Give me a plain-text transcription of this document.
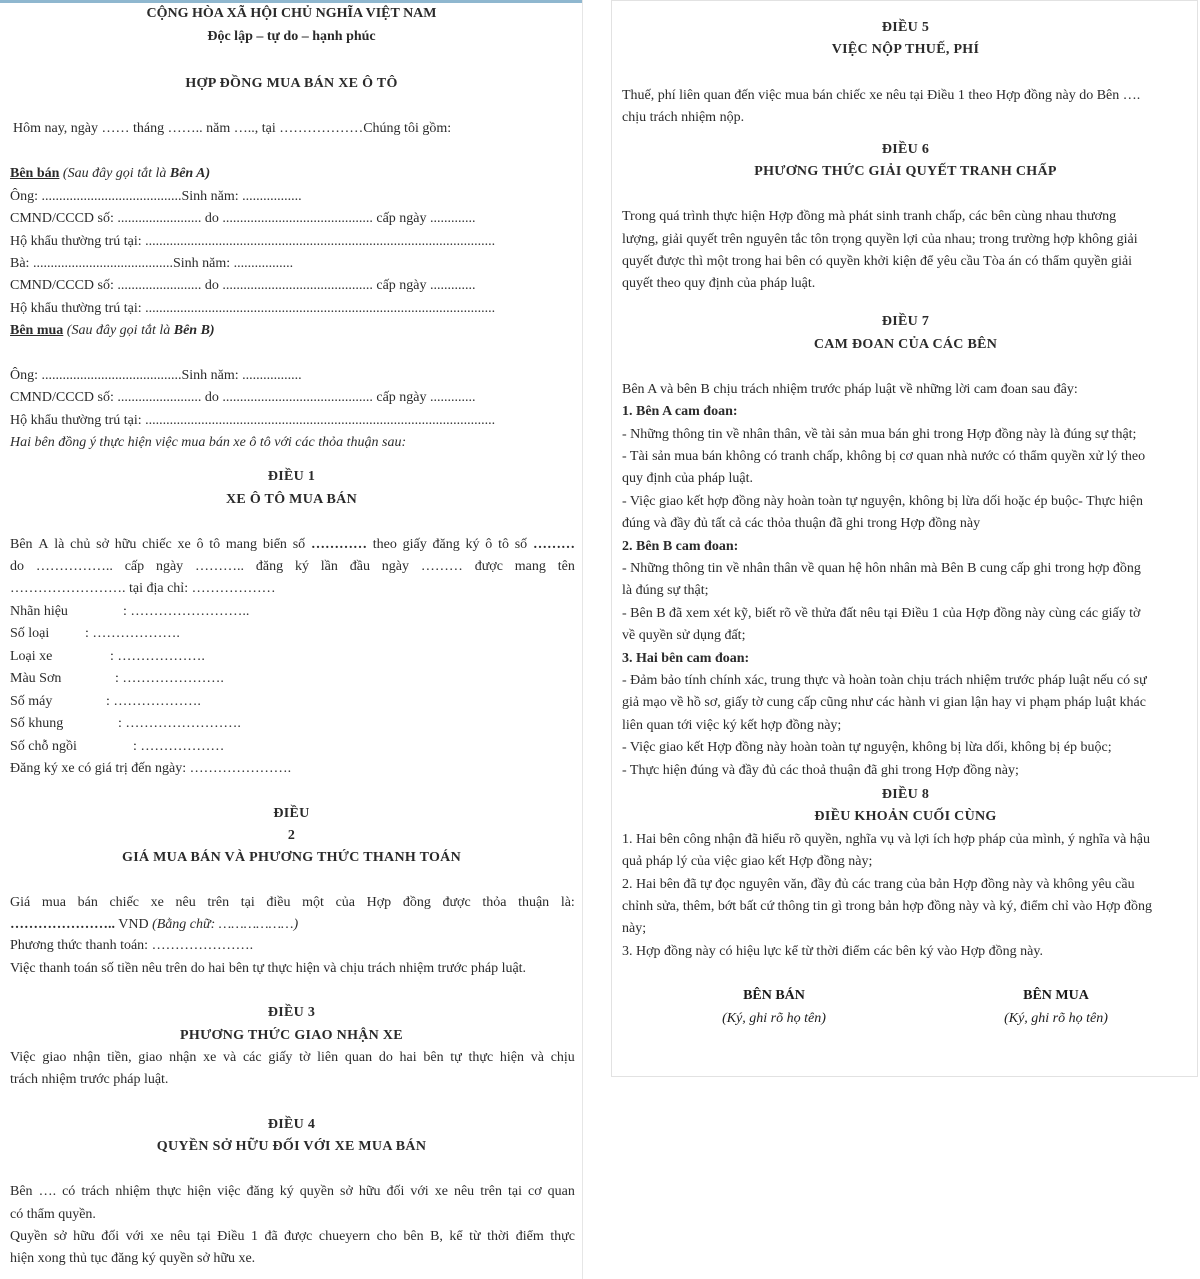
CỘNG HÒA XÃ HỘI CHỦ NGHĨA VIỆT NAM
Độc lập – tự do – hạnh phúc
HỢP ĐỒNG MUA BÁN XE Ô TÔ
Hôm nay, ngày …… tháng …….. năm ….., tại ………………Chúng tôi gồm:
Bên bán (Sau đây gọi tắt là Bên A)
Ông: ........................................Sinh năm: .................
CMND/CCCD số: ........................ do ........................................... cấp ngày .............
Hộ khẩu thường trú tại: ....................................................................................................
Bà: ........................................Sinh năm: .................
CMND/CCCD số: ........................ do ........................................... cấp ngày .............
Hộ khẩu thường trú tại: ....................................................................................................
Bên mua (Sau đây gọi tắt là Bên B)
Ông: ........................................Sinh năm: .................
CMND/CCCD số: ........................ do ........................................... cấp ngày .............
Hộ khẩu thường trú tại: ....................................................................................................
Hai bên đồng ý thực hiện việc mua bán xe ô tô với các thỏa thuận sau:
ĐIỀU 1
XE Ô TÔ MUA BÁN
Bên A là chủ sở hữu chiếc xe ô tô mang biển số ………… theo giấy đăng ký ô tô số ………
do …………….. cấp ngày ……….. đăng ký lần đầu ngày ……… được mang tên
……………………. tại địa chỉ: ………………
Nhãn hiệu	: ……………………..
Số loại	: ……………….
Loại xe	: ……………….
Màu Sơn	: ………………….
Số máy	: ……………….
Số khung	: …………………….
Số chỗ ngồi	: ………………
Đăng ký xe có giá trị đến ngày: ………………….
ĐIỀU
2
GIÁ MUA BÁN VÀ PHƯƠNG THỨC THANH TOÁN
Giá mua bán chiếc xe nêu trên tại điều một của Hợp đồng được thỏa thuận là:
………………….. VND (Bằng chữ: ………………)
Phương thức thanh toán: ………………….
Việc thanh toán số tiền nêu trên do hai bên tự thực hiện và chịu trách nhiệm trước pháp luật.
ĐIỀU 3
PHƯƠNG THỨC GIAO NHẬN XE
Việc giao nhận tiền, giao nhận xe và các giấy tờ liên quan do hai bên tự thực hiện và chịu
trách nhiệm trước pháp luật.
ĐIỀU 4
QUYỀN SỞ HỮU ĐỐI VỚI XE MUA BÁN
Bên …. có trách nhiệm thực hiện việc đăng ký quyền sở hữu đối với xe nêu trên tại cơ quan
có thẩm quyền.
Quyền sở hữu đối với xe nêu tại Điều 1 đã được chueyern cho bên B, kể từ thời điểm thực
hiện xong thủ tục đăng ký quyền sở hữu xe.
ĐIỀU 5
VIỆC NỘP THUẾ, PHÍ
Thuế, phí liên quan đến việc mua bán chiếc xe nêu tại Điều 1 theo Hợp đồng này do Bên ….
chịu trách nhiệm nộp.
ĐIỀU 6
PHƯƠNG THỨC GIẢI QUYẾT TRANH CHẤP
Trong quá trình thực hiện Hợp đồng mà phát sinh tranh chấp, các bên cùng nhau thương
lượng, giải quyết trên nguyên tắc tôn trọng quyền lợi của nhau; trong trường hợp không giải
quyết được thì một trong hai bên có quyền khởi kiện để yêu cầu Tòa án có thẩm quyền giải
quyết theo quy định của pháp luật.
ĐIỀU 7
CAM ĐOAN CỦA CÁC BÊN
Bên A và bên B chịu trách nhiệm trước pháp luật về những lời cam đoan sau đây:
1. Bên A cam đoan:
- Những thông tin về nhân thân, về tài sản mua bán ghi trong Hợp đồng này là đúng sự thật;
- Tài sản mua bán không có tranh chấp, không bị cơ quan nhà nước có thẩm quyền xử lý theo
quy định của pháp luật.
- Việc giao kết hợp đồng này hoàn toàn tự nguyện, không bị lừa dối hoặc ép buộc- Thực hiện
đúng và đầy đủ tất cả các thỏa thuận đã ghi trong Hợp đồng này
2. Bên B cam đoan:
- Những thông tin về nhân thân về quan hệ hôn nhân mà Bên B cung cấp ghi trong hợp đồng
là đúng sự thật;
- Bên B đã xem xét kỹ, biết rõ về thửa đất nêu tại Điều 1 của Hợp đồng này cùng các giấy tờ
về quyền sử dụng đất;
3. Hai bên cam đoan:
- Đảm bảo tính chính xác, trung thực và hoàn toàn chịu trách nhiệm trước pháp luật nếu có sự
giả mạo về hồ sơ, giấy tờ cung cấp cũng như các hành vi gian lận hay vi phạm pháp luật khác
liên quan tới việc ký kết hợp đồng này;
- Việc giao kết Hợp đồng này hoàn toàn tự nguyện, không bị lừa dối, không bị ép buộc;
- Thực hiện đúng và đầy đủ các thoả thuận đã ghi trong Hợp đồng này;
ĐIỀU 8
ĐIỀU KHOẢN CUỐI CÙNG
1. Hai bên công nhận đã hiểu rõ quyền, nghĩa vụ và lợi ích hợp pháp của mình, ý nghĩa và hậu
quả pháp lý của việc giao kết Hợp đồng này;
2. Hai bên đã tự đọc nguyên văn, đầy đủ các trang của bản Hợp đồng này và không yêu cầu
chỉnh sửa, thêm, bớt bất cứ thông tin gì trong bản hợp đồng này và ký, điểm chỉ vào Hợp đồng
này;
3. Hợp đồng này có hiệu lực kể từ thời điểm các bên ký vào Hợp đồng này.
BÊN BÁN
(Ký, ghi rõ họ tên)
BÊN MUA
(Ký, ghi rõ họ tên)
